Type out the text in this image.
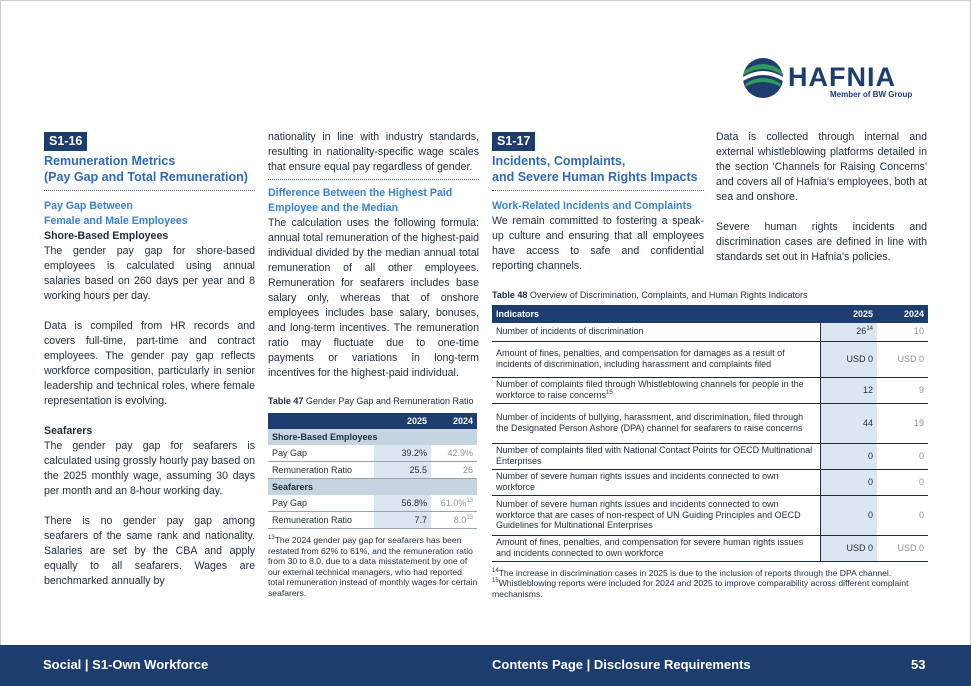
HAFNIA
Member of BW Group
S1-16
Remuneration Metrics
(Pay Gap and Total Remuneration)
Pay Gap Between
Female and Male Employees
Shore-Based Employees

The gender pay gap for shore-based employees is calculated using annual salaries based on 260 days per year and 8 working hours per day.

Data is compiled from HR records and covers full-time, part-time and contract employees. The gender pay gap reflects workforce composition, particularly in senior leadership and technical roles, where female representation is evolving.

Seafarers

The gender pay gap for seafarers is calculated using grossly hourly pay based on the 2025 monthly wage, assuming 30 days per month and an 8-hour working day.

There is no gender pay gap among seafarers of the same rank and nationality. Salaries are set by the CBA and apply equally to all seafarers. Wages are benchmarked annually by

nationality in line with industry standards, resulting in nationality-specific wage scales that ensure equal pay regardless of gender.

Difference Between the Highest Paid
Employee and the Median

The calculation uses the following formula: annual total remuneration of the highest-paid individual divided by the median annual total remuneration of all other employees. Remuneration for seafarers includes base salary only, whereas that of onshore employees includes base salary, bonuses, and long-term incentives. The remuneration ratio may fluctuate due to one-time payments or variations in long-term incentives for the highest-paid individual.

Table 47 Gender Pay Gap and Remuneration Ratio
	2025	2024
Shore-Based Employees		
Pay Gap	39.2%	42.9%
Remuneration Ratio	25.5	26
Seafarers		
Pay Gap	56.8%	61.0%$^{13}$
Remuneration Ratio	7.7	$8.0^{13}$
$^{13}$The 2024 gender pay gap for seafarers has been restated from 62% to 61%, and the remuneration ratio from 30 to 8.0, due to a data misstatement by one of our external technical managers, who had reported total remuneration instead of monthly wages for certain seafarers.
S1-17
Incidents, Complaints,
and Severe Human Rights Impacts
Work-Related Incidents and Complaints

We remain committed to fostering a speak-up culture and ensuring that all employees have access to safe and confidential reporting channels.

Data is collected through internal and external whistleblowing platforms detailed in the section 'Channels for Raising Concerns' and covers all of Hafnia's employees, both at sea and onshore.

Severe human rights incidents and discrimination cases are defined in line with standards set out in Hafnia's policies.

Table 48 Overview of Discrimination, Complaints, and Human Rights Indicators
Indicators	2025	2024
Number of incidents of discrimination	$26^{14}$	10
Amount of fines, penalties, and compensation for damages as a result of incidents of discrimination, including harassment and complaints filed	USD 0	USD 0
Number of complaints filed through Whistleblowing channels for people in the workforce to raise concerns$^{15}$	12	9
Number of incidents of bullying, harassment, and discrimination, filed through the Designated Person Ashore (DPA) channel for seafarers to raise concerns	44	19
Number of complaints filed with National Contact Points for OECD Multinational Enterprises	0	0
Number of severe human rights issues and incidents connected to own workforce	0	0
Number of severe human rights issues and incidents connected to own workforce that are cases of non-respect of UN Guiding Principles and OECD Guidelines for Multinational Enterprises	0	0
Amount of fines, penalties, and compensation for severe human rights issues and incidents connected to own workforce	USD 0	USD 0
$^{14}$The increase in discrimination cases in 2025 is due to the inclusion of reports through the DPA channel.
$^{15}$Whistleblowing reports were included for 2024 and 2025 to improve comparability across different complaint mechanisms.
Social | S1-Own Workforce	Contents Page | Disclosure Requirements	53
